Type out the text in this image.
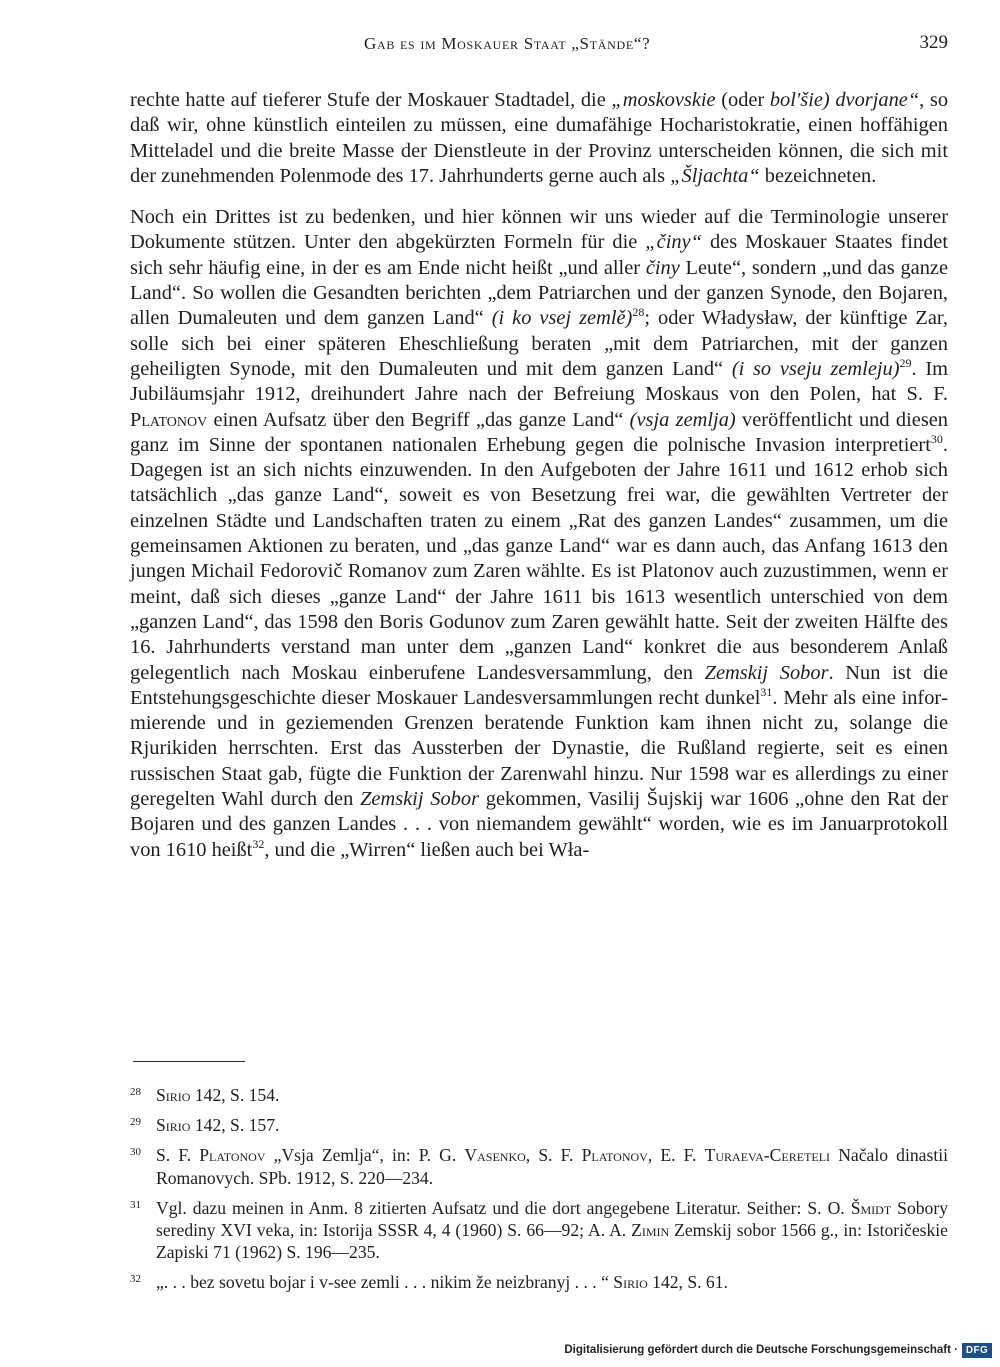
Gab es im Moskauer Staat „Stände“?	329

rechte hatte auf tieferer Stufe der Moskauer Stadtadel, die „moskovskie (oder bol'šie) dvorjane“, so daß wir, ohne künstlich einteilen zu müssen, eine dumafähige Hocharistokratie, einen hoffähigen Mitteladel und die breite Masse der Dienstleute in der Provinz unterscheiden können, die sich mit der zunehmenden Polenmode des 17. Jahrhunderts gerne auch als „Šljachta“ bezeichneten.

Noch ein Drittes ist zu bedenken, und hier können wir uns wieder auf die Terminologie unserer Dokumente stützen. Unter den abgekürzten Formeln für die „činy“ des Moskauer Staates findet sich sehr häufig eine, in der es am Ende nicht heißt „und aller činy Leute“, sondern „und das ganze Land“. So wollen die Gesandten berichten „dem Patriarchen und der ganzen Synode, den Bojaren, allen Dumaleuten und dem ganzen Land“ (i ko vsej zemlě)$^{28}$; oder Władysław, der künftige Zar, solle sich bei einer späteren Eheschließung beraten „mit dem Patriarchen, mit der ganzen geheiligten Synode, mit den Dumaleuten und mit dem ganzen Land“ (i so vseju zemleju)$^{29}$. Im Jubiläumsjahr 1912, dreihundert Jahre nach der Befreiung Moskaus von den Polen, hat S. F. Platonov einen Aufsatz über den Begriff „das ganze Land“ (vsja zemlja) veröffentlicht und diesen ganz im Sinne der spontanen nationalen Erhebung gegen die polnische Invasion interpretiert$^{30}$. Dagegen ist an sich nichts einzuwenden. In den Aufgeboten der Jahre 1611 und 1612 erhob sich tatsächlich „das ganze Land“, soweit es von Besetzung frei war, die gewählten Vertreter der einzelnen Städte und Landschaften traten zu einem „Rat des ganzen Landes“ zusammen, um die gemeinsamen Aktionen zu beraten, und „das ganze Land“ war es dann auch, das Anfang 1613 den jungen Michail Fedorovič Romanov zum Zaren wählte. Es ist Platonov auch zuzustimmen, wenn er meint, daß sich dieses „ganze Land“ der Jahre 1611 bis 1613 wesentlich unterschied von dem „ganzen Land“, das 1598 den Boris Godunov zum Zaren gewählt hatte. Seit der zweiten Hälfte des 16. Jahrhunderts verstand man unter dem „ganzen Land“ konkret die aus besonderem Anlaß gelegentlich nach Moskau einberufene Landesversammlung, den Zemskij Sobor. Nun ist die Entstehungsgeschichte dieser Moskauer Landesversammlungen recht dunkel$^{31}$. Mehr als eine informierende und in geziemenden Grenzen beratende Funktion kam ihnen nicht zu, solange die Rjurikiden herrschten. Erst das Aussterben der Dynastie, die Rußland regierte, seit es einen russischen Staat gab, fügte die Funktion der Zarenwahl hinzu. Nur 1598 war es allerdings zu einer geregelten Wahl durch den Zemskij Sobor gekommen, Vasilij Šujskij war 1606 „ohne den Rat der Bojaren und des ganzen Landes . . . von niemandem gewählt“ worden, wie es im Januarprotokoll von 1610 heißt$^{32}$, und die „Wirren“ ließen auch bei Wła-

28 Sirio 142, S. 154.

29 Sirio 142, S. 157.

30 S. F. Platonov „Vsja Zemlja“, in: P. G. Vasenko, S. F. Platonov, E. F. Turaeva-Cereteli Načalo dinastii Romanovych. SPb. 1912, S. 220—234.

31 Vgl. dazu meinen in Anm. 8 zitierten Aufsatz und die dort angegebene Literatur. Seither: S. O. Šmidt Sobory serediny XVI veka, in: Istorija SSSR 4, 4 (1960) S. 66—92; A. A. Zimin Zemskij sobor 1566 g., in: Istoričeskie Zapiski 71 (1962) S. 196—235.

32 „. . . bez sovetu bojar i v-see zemli . . . nikim že neizbranyj . . . “ Sirio 142, S. 61.

Digitalisierung gefördert durch die Deutsche Forschungsgemeinschaft · DFG
